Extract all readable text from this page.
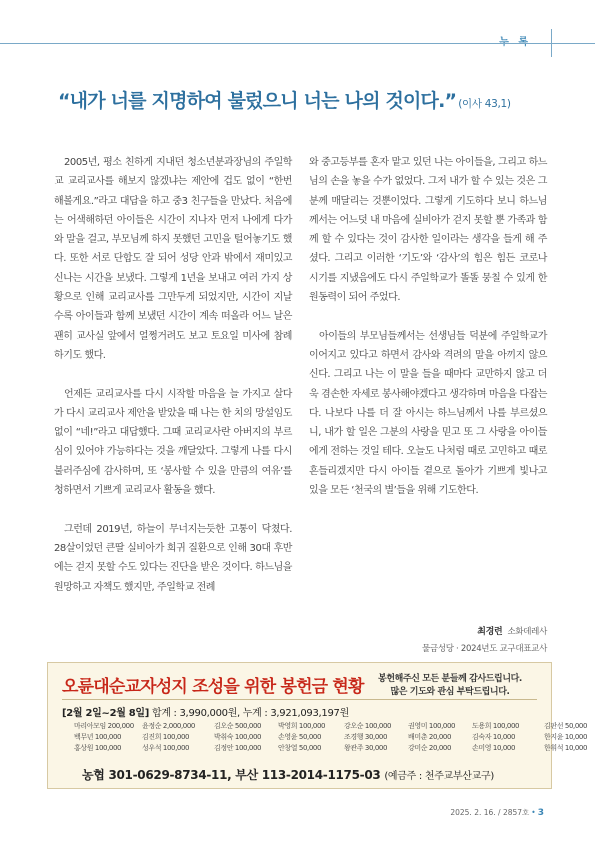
누 록
“내가 너를 지명하여 불렀으니 너는 나의 것이다.” (이사 43,1)

2005년, 평소 친하게 지내던 청소년분과장님의 주일학교 교리교사를 해보지 않겠냐는 제안에 겁도 없이 “한번 해볼게요.”라고 대답을 하고 중3 친구들을 만났다. 처음에는 어색해하던 아이들은 시간이 지나자 먼저 나에게 다가와 말을 걸고, 부모님께 하지 못했던 고민을 털어놓기도 했다. 또한 서로 단합도 잘 되어 성당 안과 밖에서 재미있고 신나는 시간을 보냈다. 그렇게 1년을 보내고 여러 가지 상황으로 인해 교리교사를 그만두게 되었지만, 시간이 지날수록 아이들과 함께 보냈던 시간이 계속 떠올라 어느 날은 괜히 교사실 앞에서 얼쩡거려도 보고 토요일 미사에 참례하기도 했다.

언제든 교리교사를 다시 시작할 마음을 늘 가지고 살다가 다시 교리교사 제안을 받았을 때 나는 한 치의 망설임도 없이 “네!”라고 대답했다. 그때 교리교사란 아버지의 부르심이 있어야 가능하다는 것을 깨달았다. 그렇게 나를 다시 불러주심에 감사하며, 또 ‘봉사할 수 있을 만큼의 여유’를 청하면서 기쁘게 교리교사 활동을 했다.

그런데 2019년, 하늘이 무너지는듯한 고통이 닥쳤다. 28살이었던 큰딸 실비아가 희귀 질환으로 인해 30대 후반에는 걷지 못할 수도 있다는 진단을 받은 것이다. 하느님을 원망하고 자책도 했지만, 주일학교 전례

와 중고등부를 혼자 맡고 있던 나는 아이들을, 그리고 하느님의 손을 놓을 수가 없었다. 그저 내가 할 수 있는 것은 그분께 매달리는 것뿐이었다. 그렇게 기도하다 보니 하느님께서는 어느덧 내 마음에 실비아가 걷지 못할 뿐 가족과 함께 할 수 있다는 것이 감사한 일이라는 생각을 들게 해 주셨다. 그리고 이러한 ‘기도’와 ‘감사’의 힘은 힘든 코로나 시기를 지냈음에도 다시 주일학교가 똘똘 뭉칠 수 있게 한 원동력이 되어 주었다.

아이들의 부모님들께서는 선생님들 덕분에 주일학교가 이어지고 있다고 하면서 감사와 격려의 말을 아끼지 않으신다. 그리고 나는 이 말을 들을 때마다 교만하지 않고 더욱 겸손한 자세로 봉사해야겠다고 생각하며 마음을 다잡는다. 나보다 나를 더 잘 아시는 하느님께서 나를 부르셨으니, 내가 할 일은 그분의 사랑을 믿고 또 그 사랑을 아이들에게 전하는 것일 테다. 오늘도 나처럼 때로 고민하고 때로 흔들리겠지만 다시 아이들 곁으로 돌아가 기쁘게 빛나고 있을 모든 ‘천국의 별’들을 위해 기도한다.

최경련 소화데레사
물금성당 · 2024년도 교구대표교사
오륜대순교자성지 조성을 위한 봉헌금 현황	봉헌해주신 모든 분들께 감사드립니다.
많은 기도와 관심 부탁드립니다.
[2월 2일~2월 8일] 합계 : 3,990,000원, 누계 : 3,921,093,197원
마리아모임 200,000	윤정순 2,000,000	김오순 500,000	박영희 100,000	강오순 100,000	권영미 100,000	도용희 100,000	김판선 50,000
백무년 100,000	김진희 100,000	박취숙 100,000	손영윤 50,000	조경행 30,000	배미춘 20,000	김숙자 10,000	한지윤 10,000
홍상원 100,000	성우석 100,000	김정안 100,000	안창열 50,000	왕관주 30,000	강미순 20,000	손미영 10,000	한휘석 10,000
농협 301-0629-8734-11, 부산 113-2014-1175-03 (예금주 : 천주교부산교구)
2025. 2. 16. / 2857호 • 3
